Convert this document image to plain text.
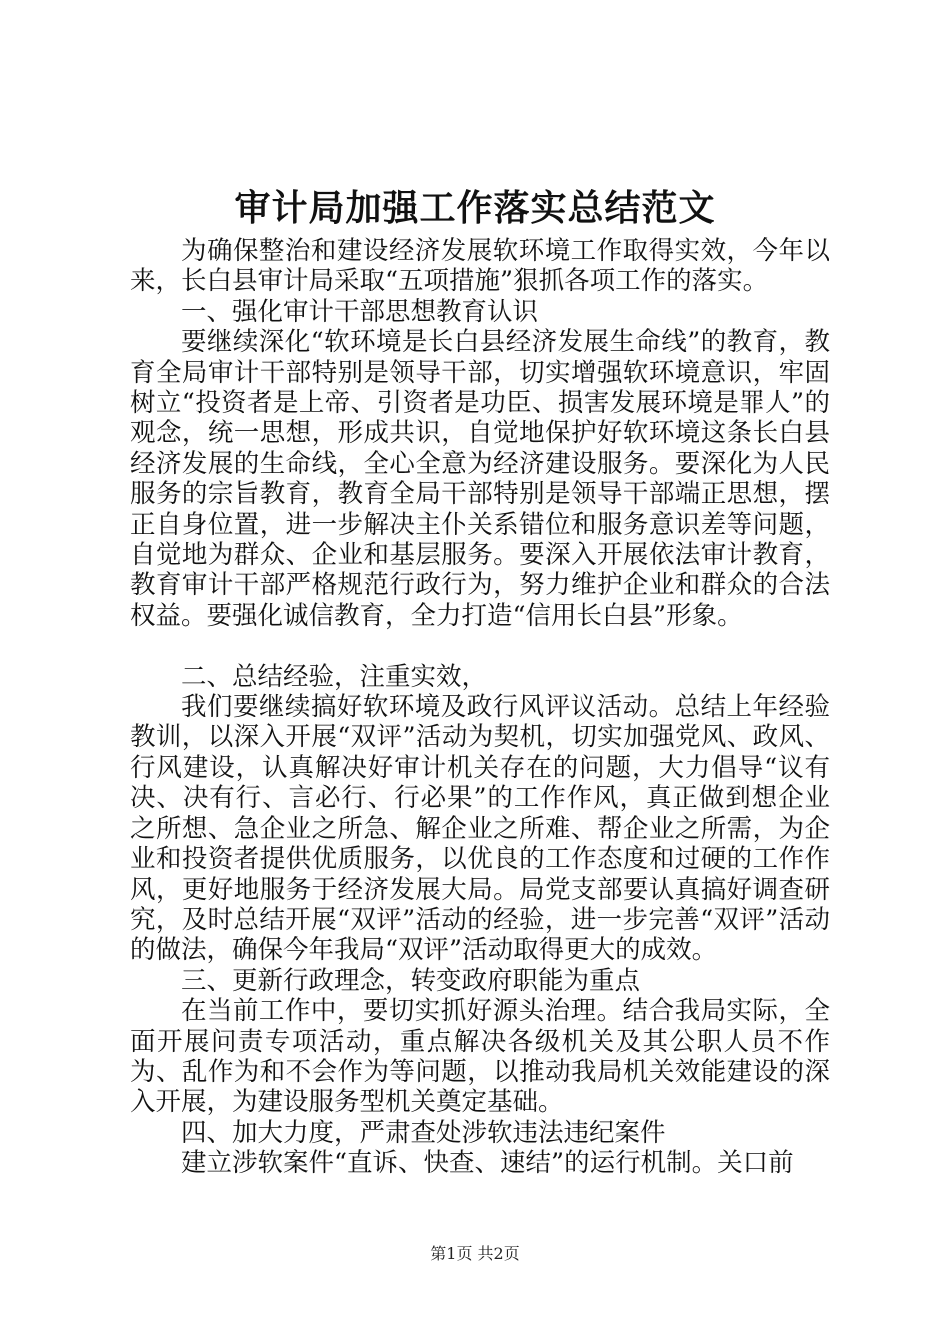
审计局加强工作落实总结范文

为确保整治和建设经济发展软环境工作取得实效，今年以来，长白县审计局采取“五项措施”狠抓各项工作的落实。

一、强化审计干部思想教育认识

要继续深化“软环境是长白县经济发展生命线”的教育，教育全局审计干部特别是领导干部，切实增强软环境意识，牢固树立“投资者是上帝、引资者是功臣、损害发展环境是罪人”的观念，统一思想，形成共识，自觉地保护好软环境这条长白县经济发展的生命线，全心全意为经济建设服务。要深化为人民服务的宗旨教育，教育全局干部特别是领导干部端正思想，摆正自身位置，进一步解决主仆关系错位和服务意识差等问题，自觉地为群众、企业和基层服务。要深入开展依法审计教育，教育审计干部严格规范行政行为，努力维护企业和群众的合法权益。要强化诚信教育，全力打造“信用长白县”形象。

二、总结经验，注重实效，

我们要继续搞好软环境及政行风评议活动。总结上年经验教训，以深入开展“双评”活动为契机，切实加强党风、政风、行风建设，认真解决好审计机关存在的问题，大力倡导“议有决、决有行、言必行、行必果”的工作作风，真正做到想企业之所想、急企业之所急、解企业之所难、帮企业之所需，为企业和投资者提供优质服务，以优良的工作态度和过硬的工作作风，更好地服务于经济发展大局。局党支部要认真搞好调查研究，及时总结开展“双评”活动的经验，进一步完善“双评”活动的做法，确保今年我局“双评”活动取得更大的成效。

三、更新行政理念，转变政府职能为重点

在当前工作中，要切实抓好源头治理。结合我局实际，全面开展问责专项活动，重点解决各级机关及其公职人员不作为、乱作为和不会作为等问题，以推动我局机关效能建设的深入开展，为建设服务型机关奠定基础。

四、加大力度，严肃查处涉软违法违纪案件

建立涉软案件“直诉、快查、速结”的运行机制。关口前

第1页 共2页
